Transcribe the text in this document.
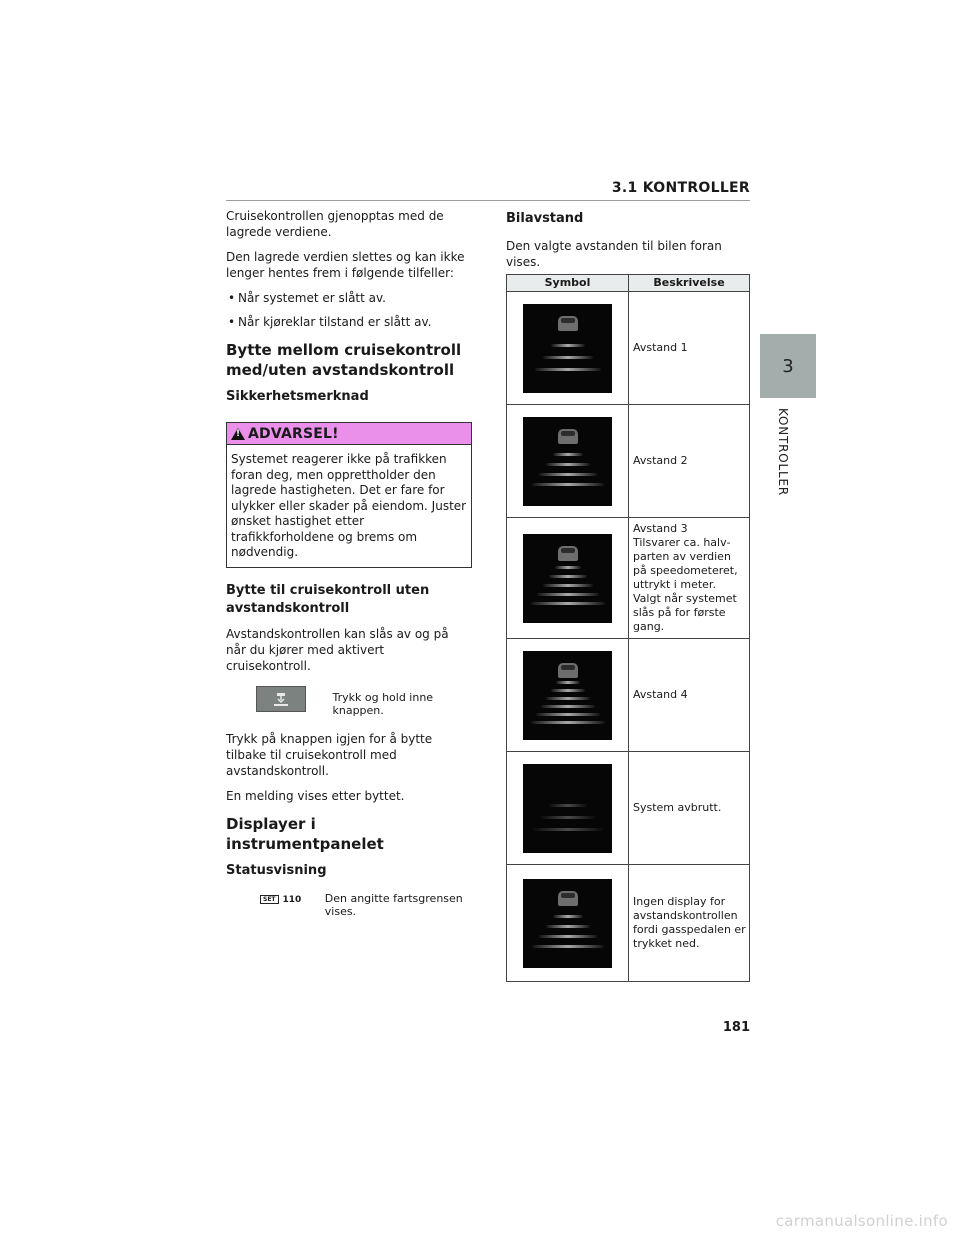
3.1 KONTROLLER
3
KONTROLLER

Cruisekontrollen gjenopptas med de lagrede verdiene.

Den lagrede verdien slettes og kan ikke lenger hentes frem i følgende tilfeller:

• Når systemet er slått av.
• Når kjøreklar tilstand er slått av.
Bytte mellom cruisekontroll med/uten avstandskontroll
Sikkerhetsmerknad
!
ADVARSEL!
Systemet reagerer ikke på trafikken foran deg, men opprettholder den lagrede hastigheten. Det er fare for ulykker eller skader på eiendom. Juster ønsket hastighet etter trafikkforholdene og brems om nødvendig.
Bytte til cruisekontroll uten avstandskontroll

Avstandskontrollen kan slås av og på når du kjører med aktivert cruisekontroll.

Trykk og hold inne knappen.

Trykk på knappen igjen for å bytte tilbake til cruisekontroll med avstandskontroll.

En melding vises etter byttet.

Displayer i instrumentpanelet
Statusvisning
SET 110 Den angitte fartsgrensen vises.
Bilavstand

Den valgte avstanden til bilen foran vises.

Symbol	Beskrivelse

	Avstand 1

	Avstand 2

	Avstand 3
Tilsvarer ca. halvparten av verdien på speedometeret, uttrykt i meter. Valgt når systemet slås på for første gang.

	Avstand 4

	System avbrutt.

	Ingen display for avstandskontrollen fordi gasspedalen er trykket ned.
181
carmanualsonline.info
